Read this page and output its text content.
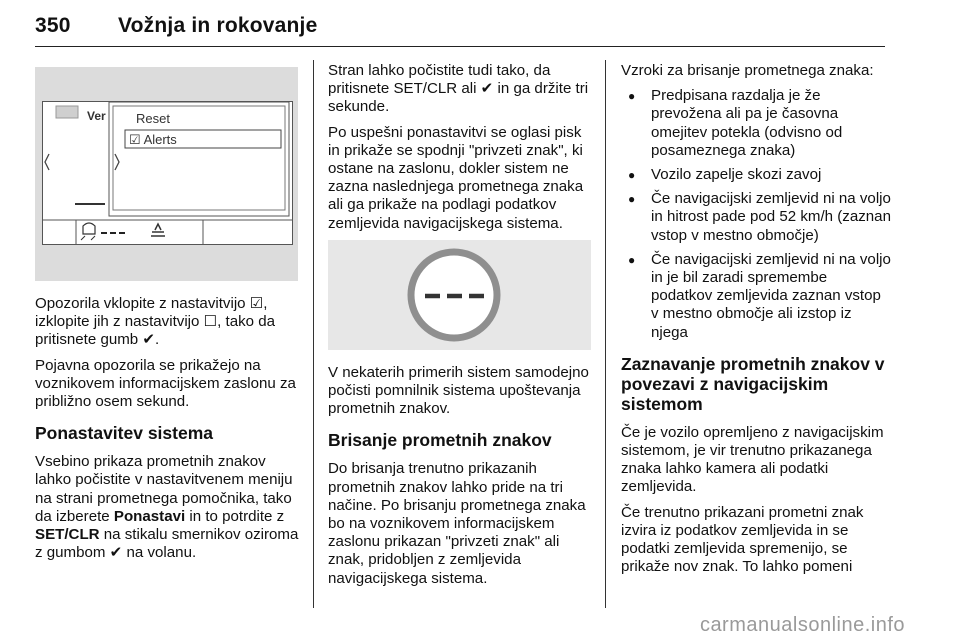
350 Vožnja in rokovanje
Ver Reset
☑ Alerts

Opozorila vklopite z nastavitvijo ☑, izklopite jih z nastavitvijo ☐, tako da pritisnete gumb ✔.

Pojavna opozorila se prikažejo na voznikovem informacijskem zaslonu za približno osem sekund.

Ponastavitev sistema

Vsebino prikaza prometnih znakov lahko počistite v nastavitvenem meniju na strani prometnega pomočnika, tako da izberete Ponastavi in to potrdite z SET/CLR na stikalu smernikov oziroma z gumbom ✔ na volanu.

Stran lahko počistite tudi tako, da pritisnete SET/CLR ali ✔ in ga držite tri sekunde.

Po uspešni ponastavitvi se oglasi pisk in prikaže se spodnji "privzeti znak", ki ostane na zaslonu, dokler sistem ne zazna naslednjega prometnega znaka ali ga prikaže na podlagi podatkov zemljevida navigacijskega sistema.

V nekaterih primerih sistem samodejno počisti pomnilnik sistema upoštevanja prometnih znakov.

Brisanje prometnih znakov

Do brisanja trenutno prikazanih prometnih znakov lahko pride na tri načine. Po brisanju prometnega znaka bo na voznikovem informacijskem zaslonu prikazan "privzeti znak" ali znak, pridobljen z zemljevida navigacijskega sistema.

Vzroki za brisanje prometnega znaka:

● Predpisana razdalja je že prevožena ali pa je časovna omejitev potekla (odvisno od posameznega znaka)
● Vozilo zapelje skozi zavoj
● Če navigacijski zemljevid ni na voljo in hitrost pade pod 52 km/h (zaznan vstop v mestno območje)
● Če navigacijski zemljevid ni na voljo in je bil zaradi spremembe podatkov zemljevida zaznan vstop v mestno območje ali izstop iz njega
Zaznavanje prometnih znakov v povezavi z navigacijskim sistemom

Če je vozilo opremljeno z navigacijskim sistemom, je vir trenutno prikazanega znaka lahko kamera ali podatki zemljevida.

Če trenutno prikazani prometni znak izvira iz podatkov zemljevida in se podatki zemljevida spremenijo, se prikaže nov znak. To lahko pomeni

carmanualsonline.info
